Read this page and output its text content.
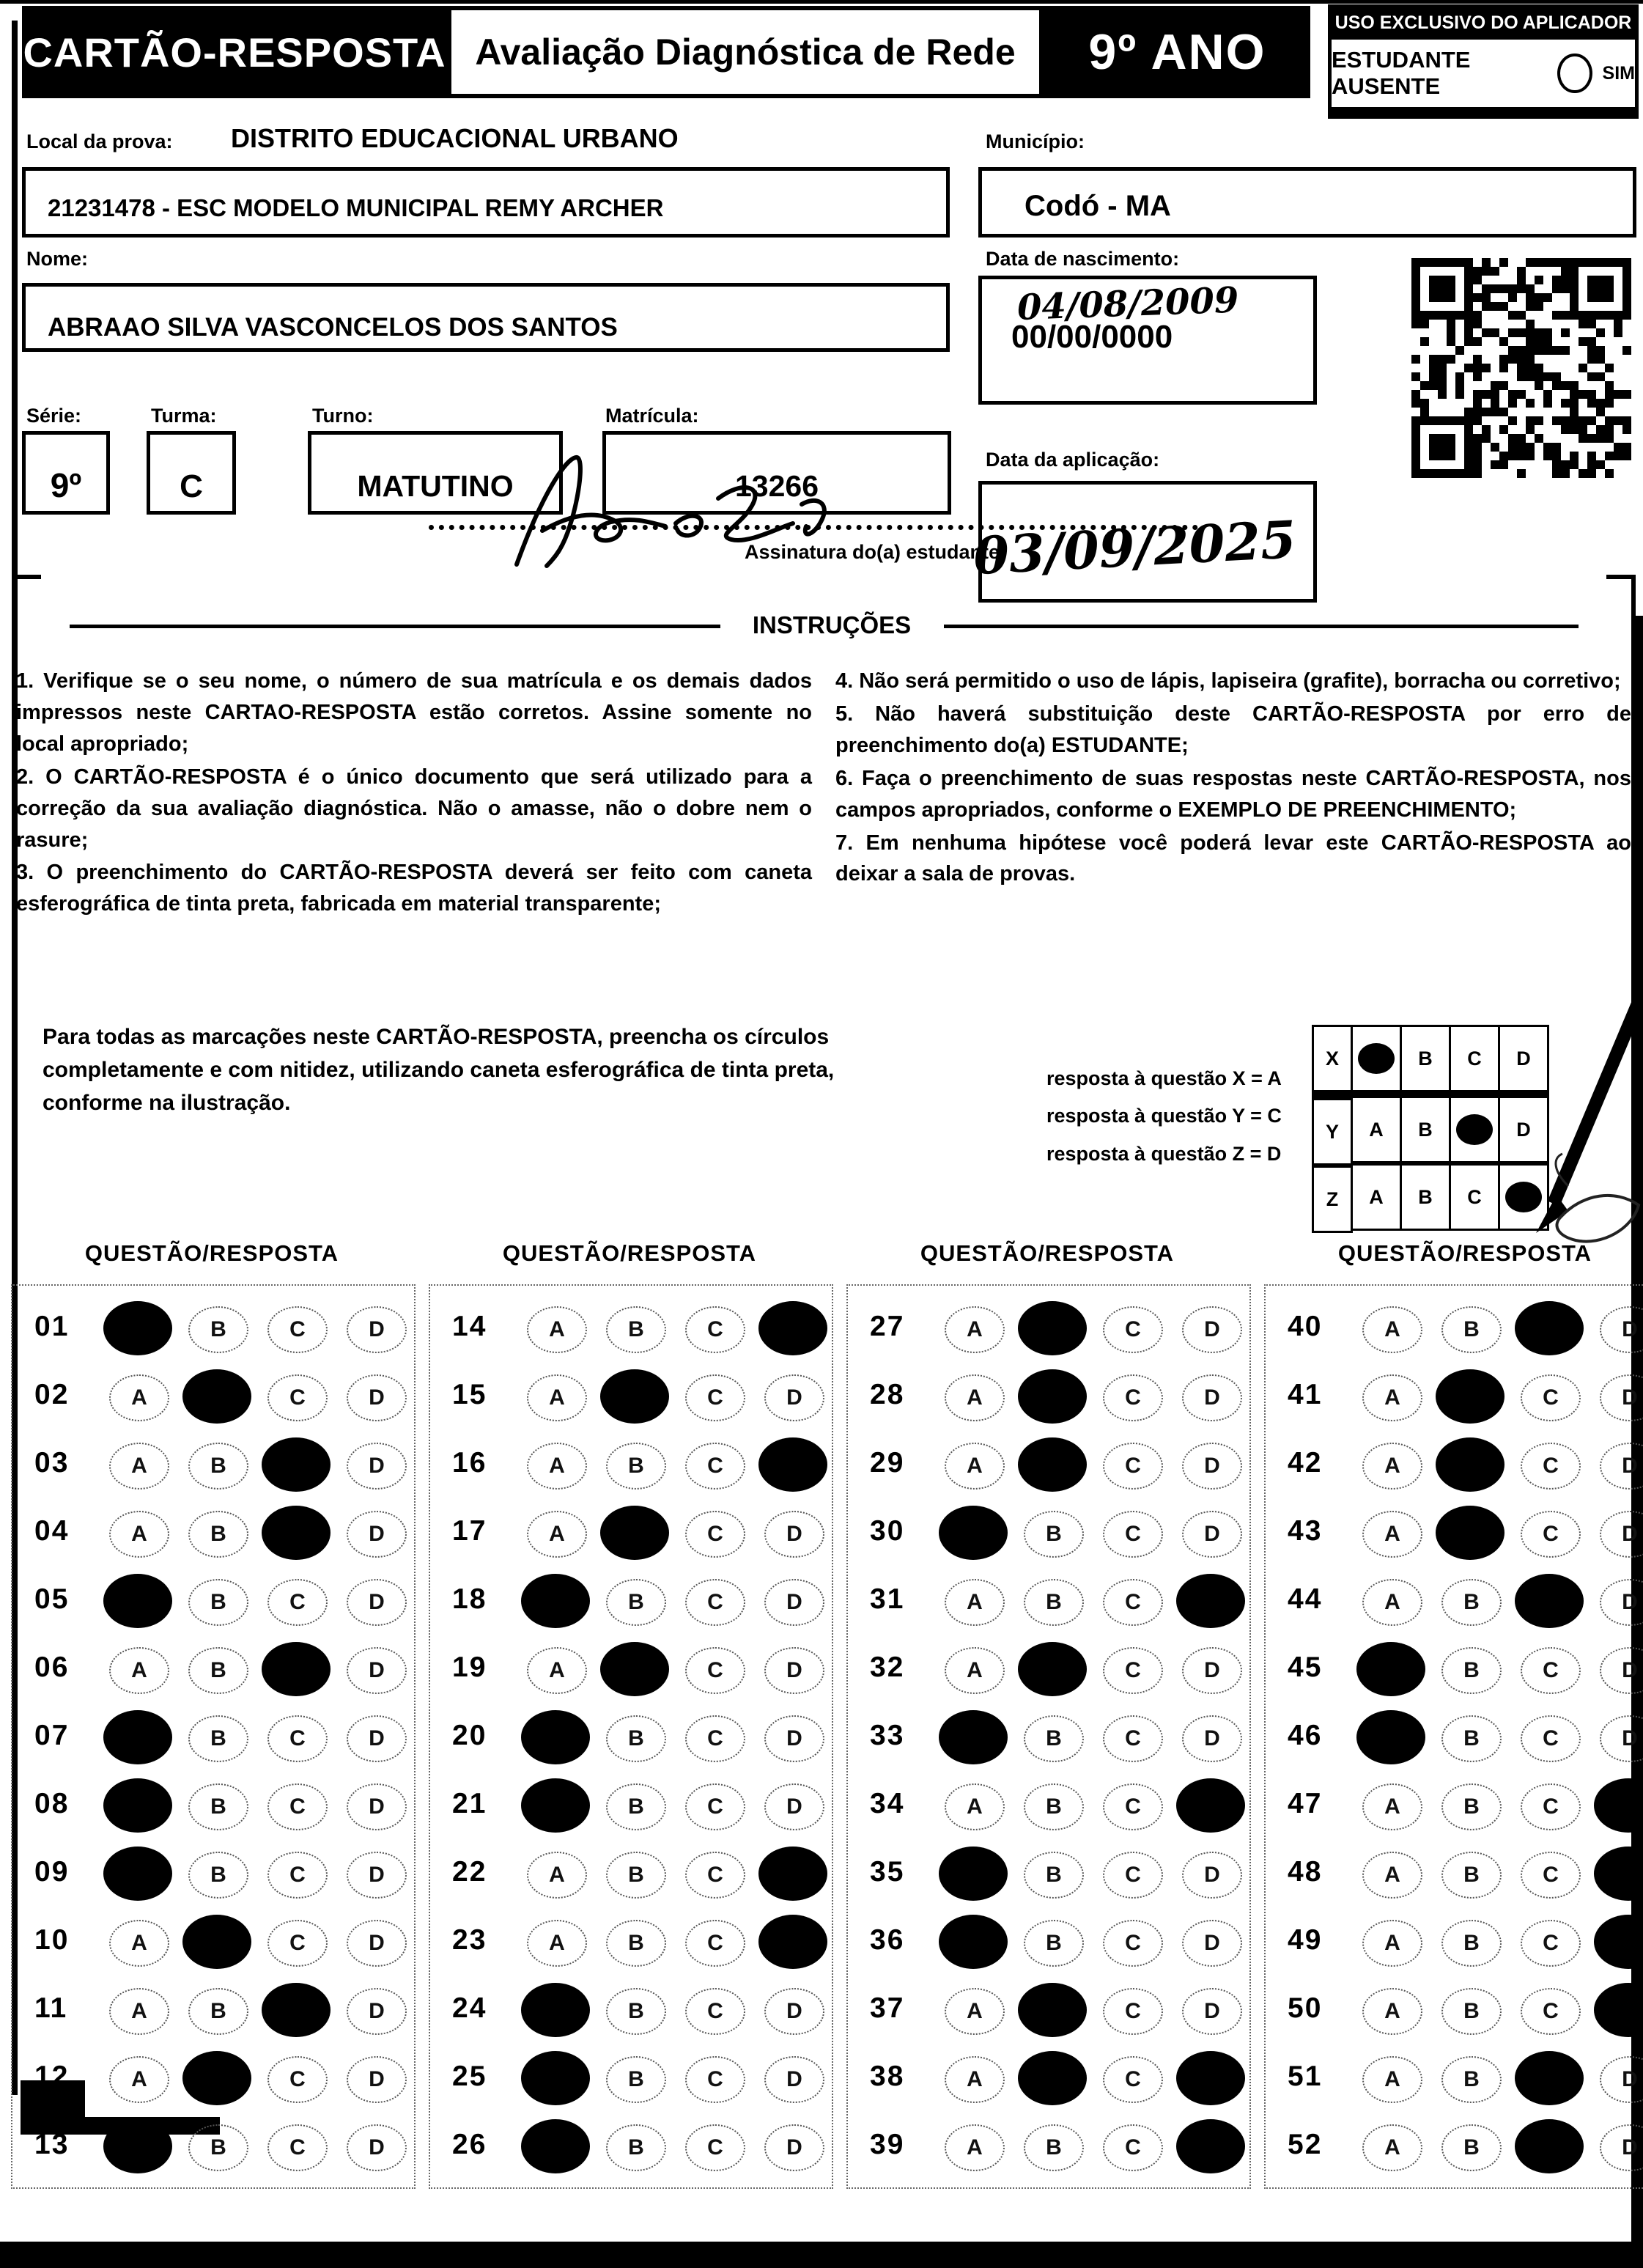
CARTÃO-RESPOSTA Avaliação Diagnóstica de Rede	9º ANO
USO EXCLUSIVO DO APLICADOR
ESTUDANTE AUSENTE
SIM
Local da prova: DISTRITO EDUCACIONAL URBANO	Município:
21231478 - ESC MODELO MUNICIPAL REMY ARCHER	Codó - MA
Nome:
ABRAAO SILVA VASCONCELOS DOS SANTOS
Data de nascimento:
04/08/2009
00/00/0000
Série:	Turma:	Turno:	Matrícula:
9º	C	MATUTINO	13266
Data da aplicação:
03/09/2025
Assinatura do(a) estudante
INSTRUÇÕES

1. Verifique se o seu nome, o número de sua matrícula e os demais dados impressos neste CARTAO-RESPOSTA estão corretos. Assine somente no local apropriado;

2. O CARTÃO-RESPOSTA é o único documento que será utilizado para a correção da sua avaliação diagnóstica. Não o amasse, não o dobre nem o rasure;

3. O preenchimento do CARTÃO-RESPOSTA deverá ser feito com caneta esferográfica de tinta preta, fabricada em material transparente;

4. Não será permitido o uso de lápis, lapiseira (grafite), borracha ou corretivo;

5. Não haverá substituição deste CARTÃO-RESPOSTA por erro de preenchimento do(a) ESTUDANTE;

6. Faça o preenchimento de suas respostas neste CARTÃO-RESPOSTA, nos campos apropriados, conforme o EXEMPLO DE PREENCHIMENTO;

7. Em nenhuma hipótese você poderá levar este CARTÃO-RESPOSTA ao deixar a sala de provas.

Para todas as marcações neste CARTÃO-RESPOSTA, preencha os círculos completamente e com nitidez, utilizando caneta esferográfica de tinta preta, conforme na ilustração.
resposta à questão X = A
resposta à questão Y = C
resposta à questão Z = D
X	B	C	D
Y	A	B	D
Z	A	B	C
QUESTÃO/RESPOSTA
01	B	C	D
02	A	C	D
03	A	B	D
04	A	B	D
05	B	C	D
06	A	B	D
07	B	C	D
08	B	C	D
09	B	C	D
10	A	C	D
11	A	B	D
12	A	C	D
13	B	C	D
QUESTÃO/RESPOSTA
14	A	B	C
15	A	C	D
16	A	B	C
17	A	C	D
18	B	C	D
19	A	C	D
20	B	C	D
21	B	C	D
22	A	B	C
23	A	B	C
24	B	C	D
25	B	C	D
26	B	C	D
QUESTÃO/RESPOSTA
27	A	C	D
28	A	C	D
29	A	C	D
30	B	C	D
31	A	B	C
32	A	C	D
33	B	C	D
34	A	B	C
35	B	C	D
36	B	C	D
37	A	C	D
38	A	C
39	A	B	C
QUESTÃO/RESPOSTA
40	A	B	D
41	A	C	D
42	A	C	D
43	A	C	D
44	A	B	D
45	B	C	D
46	B	C	D
47	A	B	C
48	A	B	C
49	A	B	C
50	A	B	C
51	A	B	D
52	A	B	D
